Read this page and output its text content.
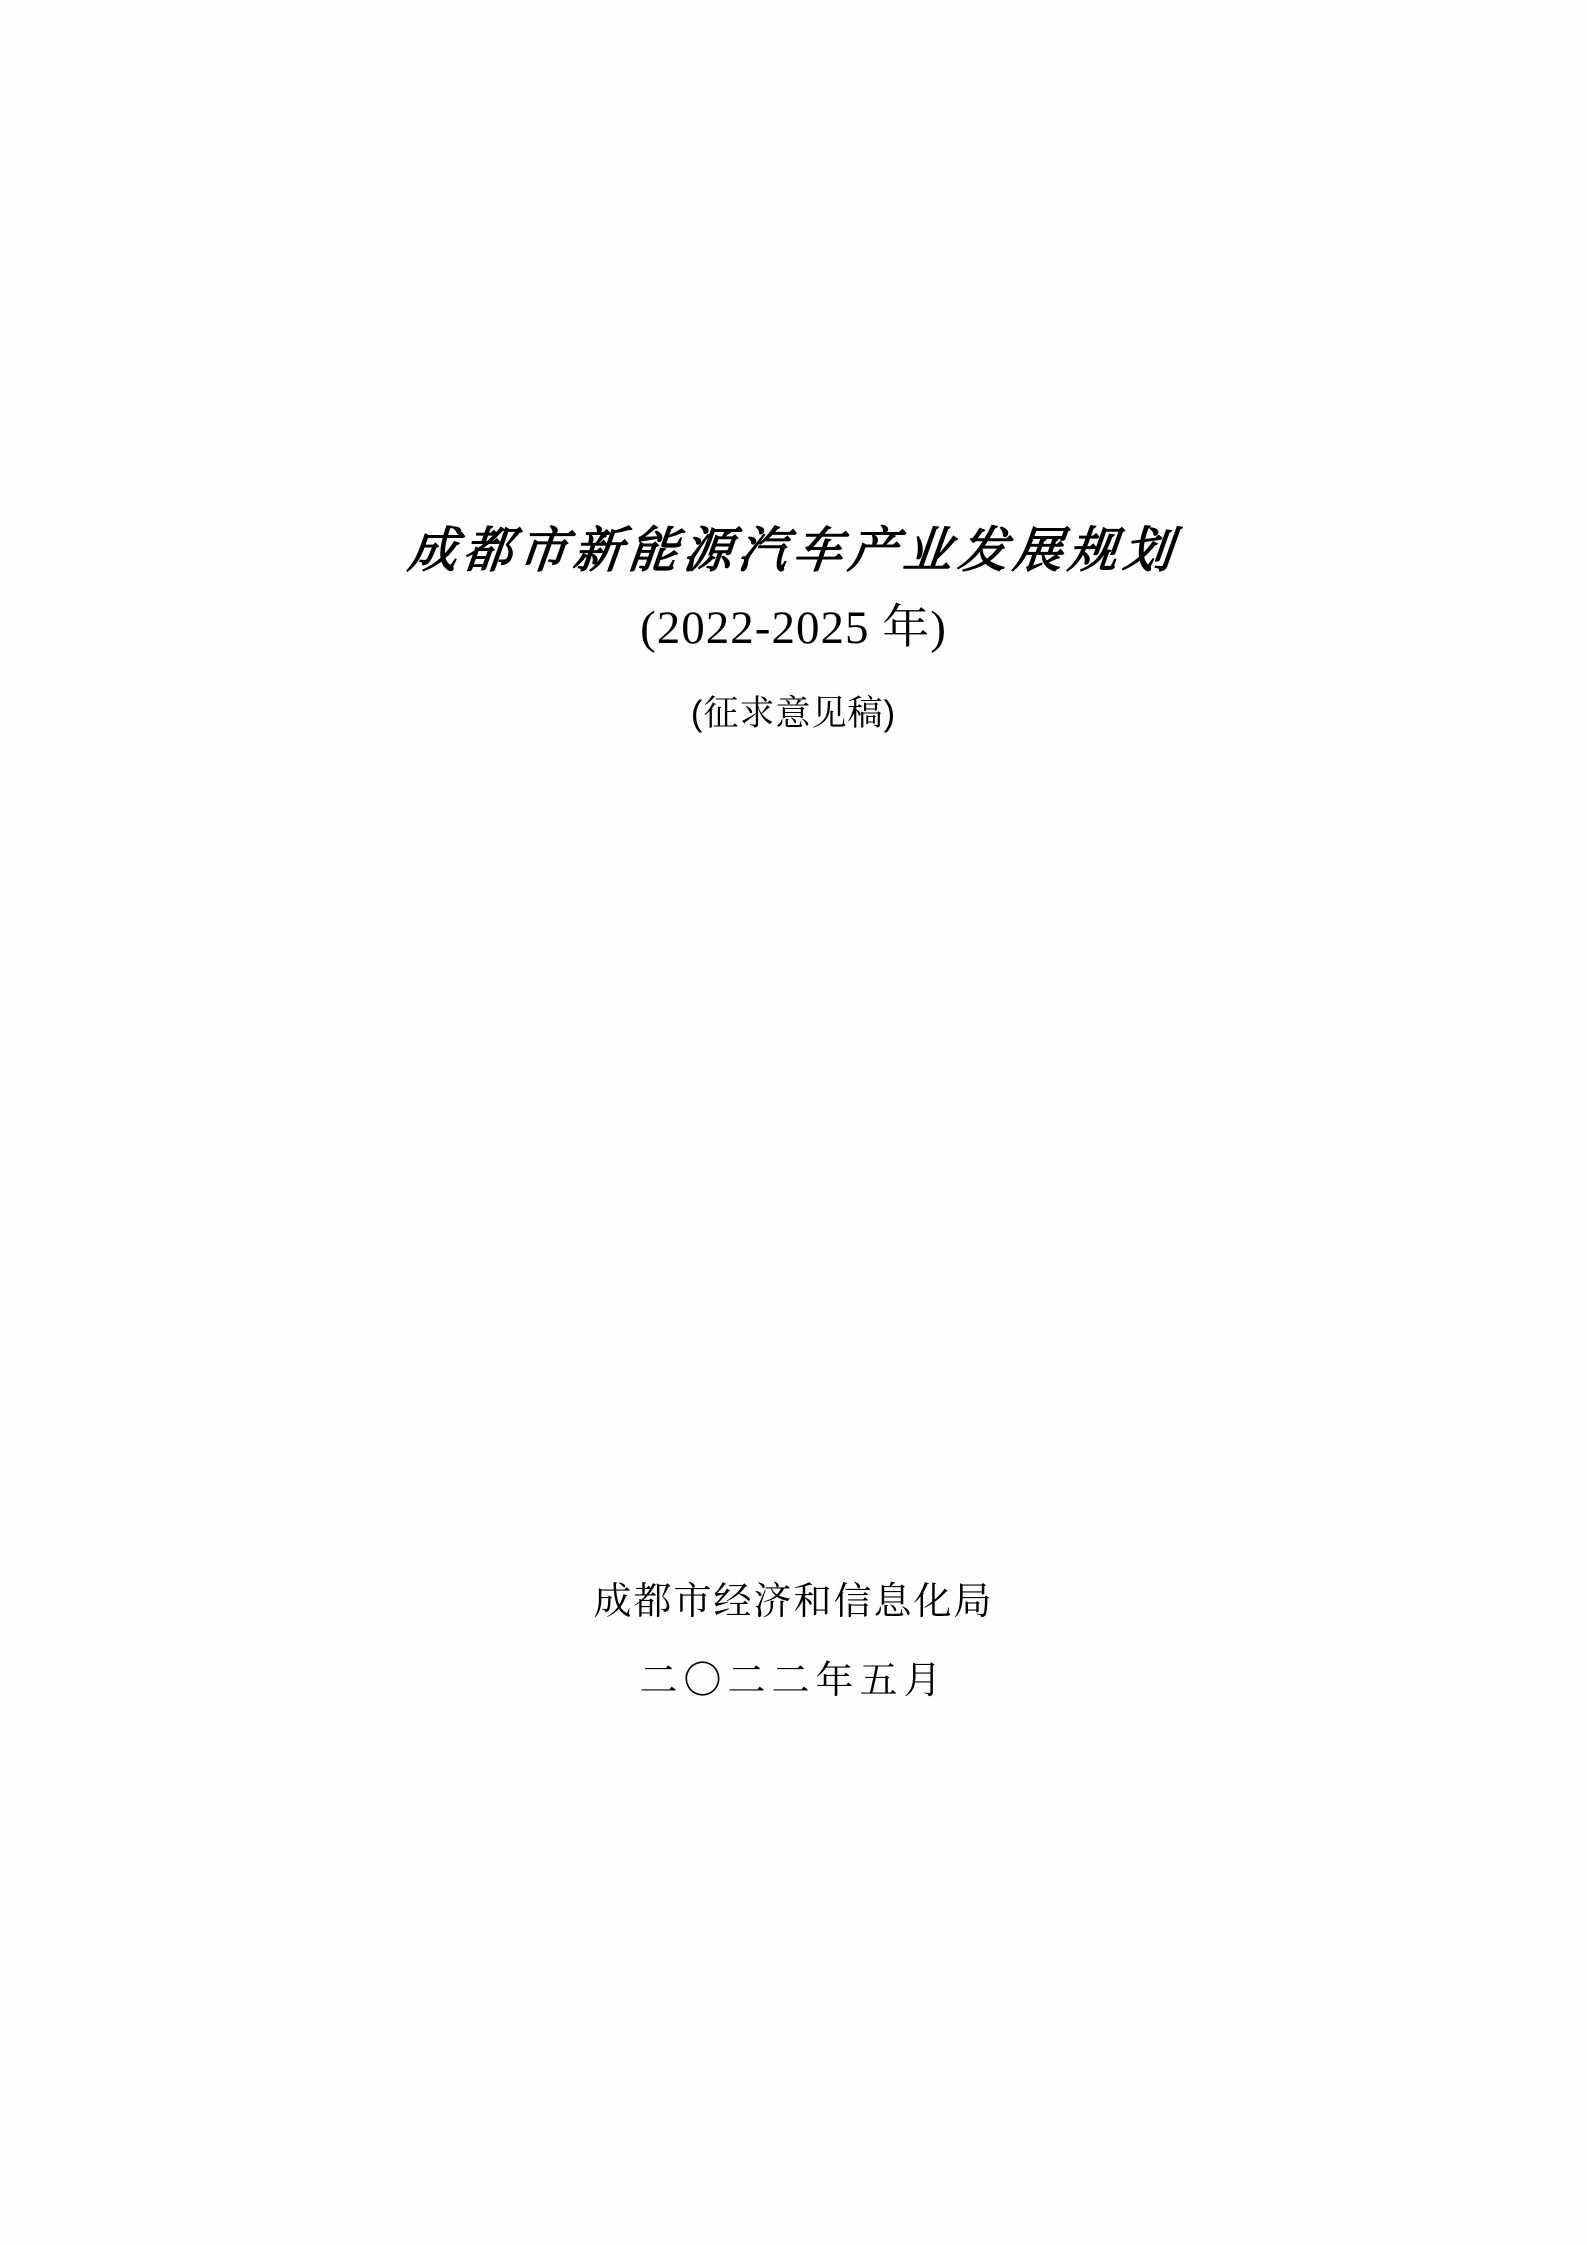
成都市新能源汽车产业发展规划
(2022-2025 年)
(征求意见稿)
成都市经济和信息化局
二〇二二年五月
